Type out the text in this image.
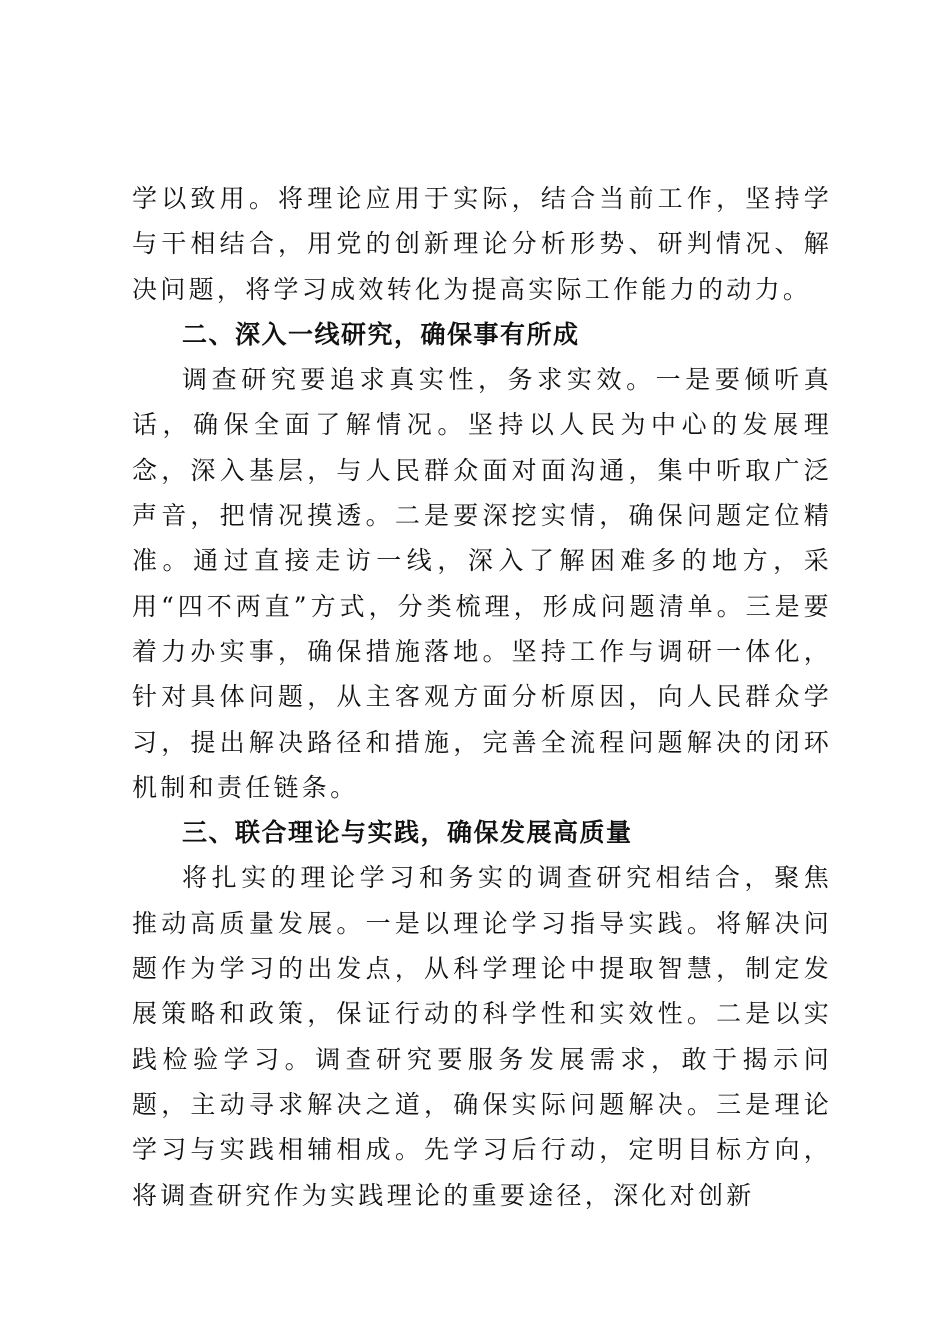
学以致用。将理论应用于实际，结合当前工作，坚持学与干相结合，用党的创新理论分析形势、研判情况、解决问题，将学习成效转化为提高实际工作能力的动力。

二、深入一线研究，确保事有所成

调查研究要追求真实性，务求实效。一是要倾听真话，确保全面了解情况。坚持以人民为中心的发展理念，深入基层，与人民群众面对面沟通，集中听取广泛声音，把情况摸透。二是要深挖实情，确保问题定位精准。通过直接走访一线，深入了解困难多的地方，采用“四不两直”方式，分类梳理，形成问题清单。三是要着力办实事，确保措施落地。坚持工作与调研一体化，针对具体问题，从主客观方面分析原因，向人民群众学习，提出解决路径和措施，完善全流程问题解决的闭环机制和责任链条。

三、联合理论与实践，确保发展高质量

将扎实的理论学习和务实的调查研究相结合，聚焦推动高质量发展。一是以理论学习指导实践。将解决问题作为学习的出发点，从科学理论中提取智慧，制定发展策略和政策，保证行动的科学性和实效性。二是以实践检验学习。调查研究要服务发展需求，敢于揭示问题，主动寻求解决之道，确保实际问题解决。三是理论学习与实践相辅相成。先学习后行动，定明目标方向，将调查研究作为实践理论的重要途径，深化对创新
